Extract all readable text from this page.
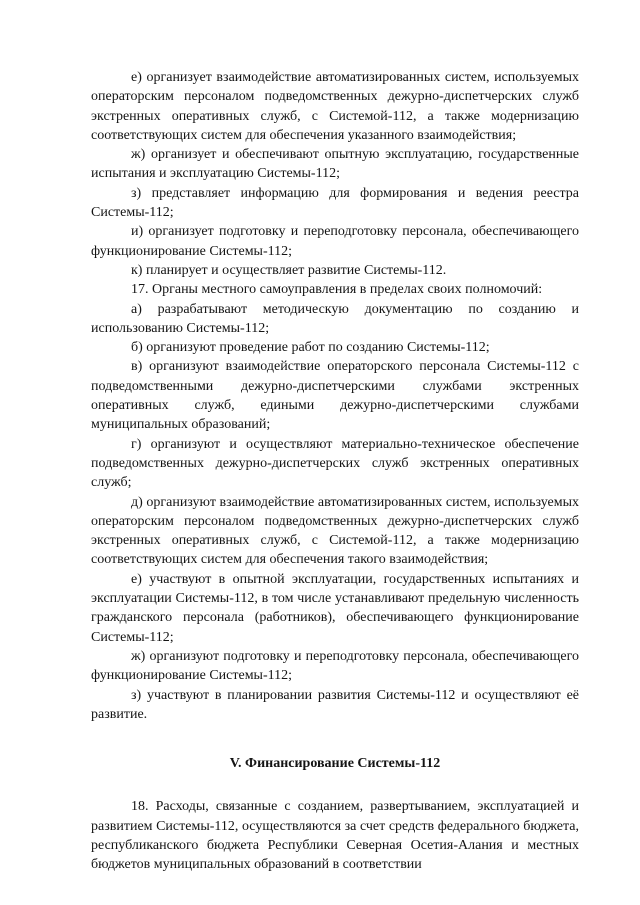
е) организует взаимодействие автоматизированных систем, используемых операторским персоналом подведомственных дежурно-диспетчерских служб экстренных оперативных служб, с Системой-112, а также модернизацию соответствующих систем для обеспечения указанного взаимодействия;

ж) организует и обеспечивают опытную эксплуатацию, государственные испытания и эксплуатацию Системы-112;

з) представляет информацию для формирования и ведения реестра Системы-112;

и) организует подготовку и переподготовку персонала, обеспечивающего функционирование Системы-112;

к) планирует и осуществляет развитие Системы-112.

17. Органы местного самоуправления в пределах своих полномочий:

а) разрабатывают методическую документацию по созданию и использованию Системы-112;

б) организуют проведение работ по созданию Системы-112;

в) организуют взаимодействие операторского персонала Системы-112 с подведомственными дежурно-диспетчерскими службами экстренных оперативных служб, едиными дежурно-диспетчерскими службами муниципальных образований;

г) организуют и осуществляют материально-техническое обеспечение подведомственных дежурно-диспетчерских служб экстренных оперативных служб;

д) организуют взаимодействие автоматизированных систем, используемых операторским персоналом подведомственных дежурно-диспетчерских служб экстренных оперативных служб, с Системой-112, а также модернизацию соответствующих систем для обеспечения такого взаимодействия;

е) участвуют в опытной эксплуатации, государственных испытаниях и эксплуатации Системы-112, в том числе устанавливают предельную численность гражданского персонала (работников), обеспечивающего функционирование Системы-112;

ж) организуют подготовку и переподготовку персонала, обеспечивающего функционирование Системы-112;

з) участвуют в планировании развития Системы-112 и осуществляют её развитие.

V. Финансирование Системы-112

18. Расходы, связанные с созданием, развертыванием, эксплуатацией и развитием Системы-112, осуществляются за счет средств федерального бюджета, республиканского бюджета Республики Северная Осетия-Алания и местных бюджетов муниципальных образований в соответствии
